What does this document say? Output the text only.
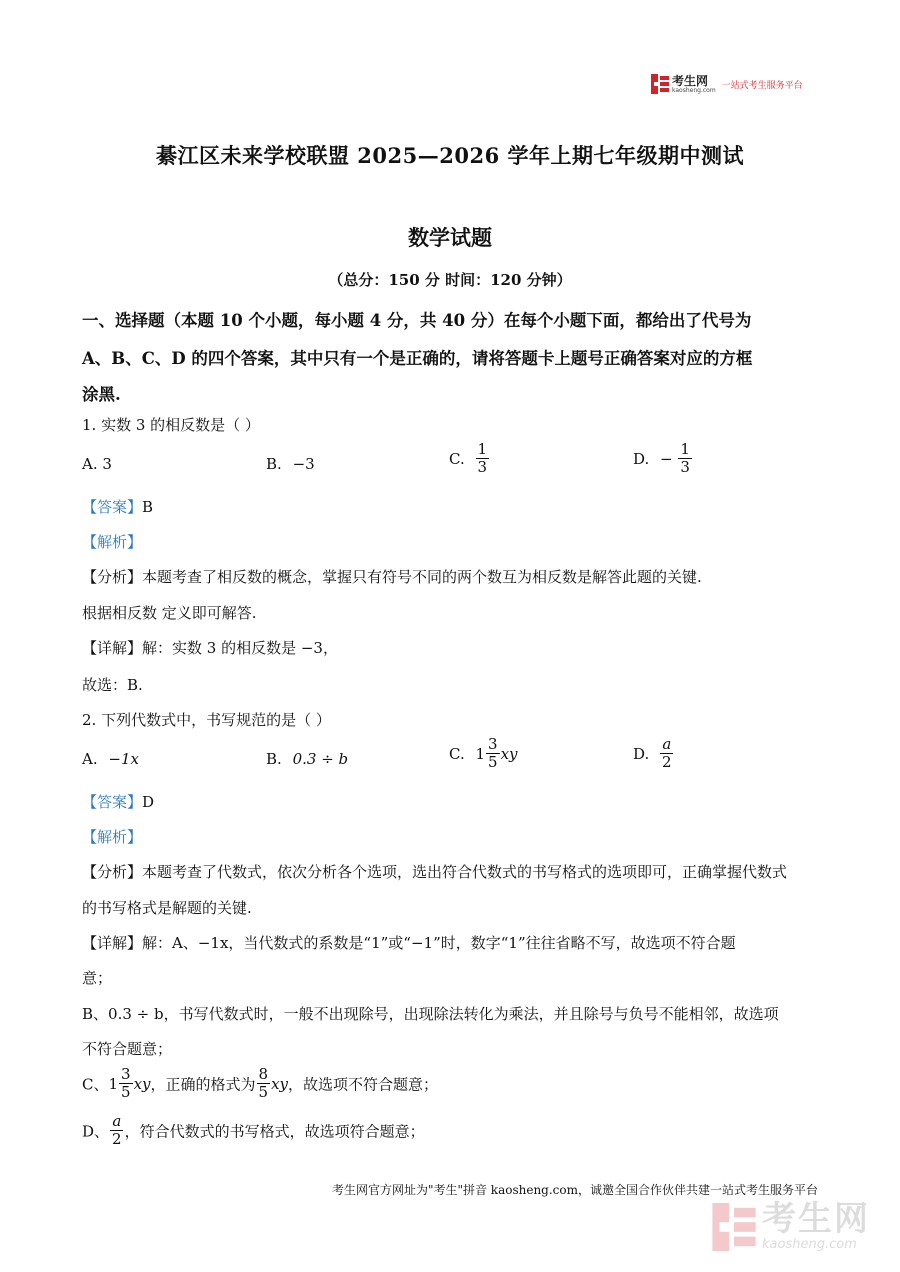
考生网
kaosheng.com 一站式考生服务平台
綦江区未来学校联盟 2025—2026 学年上期七年级期中测试
数学试题
（总分：150 分 时间：120 分钟）
一、选择题（本题 10 个小题，每小题 4 分，共 40 分）在每个小题下面，都给出了代号为
A、B、C、D 的四个答案，其中只有一个是正确的，请将答题卡上题号正确答案对应的方框
涂黑.
1. 实数 3 的相反数是（ ）
A. 3	B. −3	C. $\frac{1}{3}$	D. − $\frac{1}{3}$
【答案】B
【解析】
【分析】本题考查了相反数的概念，掌握只有符号不同的两个数互为相反数是解答此题的关键.
根据相反数 定义即可解答.
【详解】解：实数 3 的相反数是 −3，
故选：B.
2. 下列代数式中，书写规范的是（ ）
A. −1x	B. 0.3 ÷ b	C. $1 \frac{3}{5}$ xy	D. $\frac{a}{2}$
【答案】D
【解析】
【分析】本题考查了代数式，依次分析各个选项，选出符合代数式的书写格式的选项即可，正确掌握代数式
的书写格式是解题的关键.
【详解】解：A、−1x，当代数式的系数是“1”或“−1”时，数字“1”往往省略不写，故选项不符合题
意；
B、0.3 ÷ b，书写代数式时，一般不出现除号，出现除法转化为乘法，并且除号与负号不能相邻，故选项
不符合题意；
C、$1 \frac{3}{5}$ xy，正确的格式为 $\frac{8}{5}$ xy，故选项不符合题意；
D、 $\frac{a}{2}$ ，符合代数式的书写格式，故选项符合题意；
考生网官方网址为"考生"拼音 kaosheng.com，诚邀全国合作伙伴共建一站式考生服务平台
考生网
kaosheng.com
